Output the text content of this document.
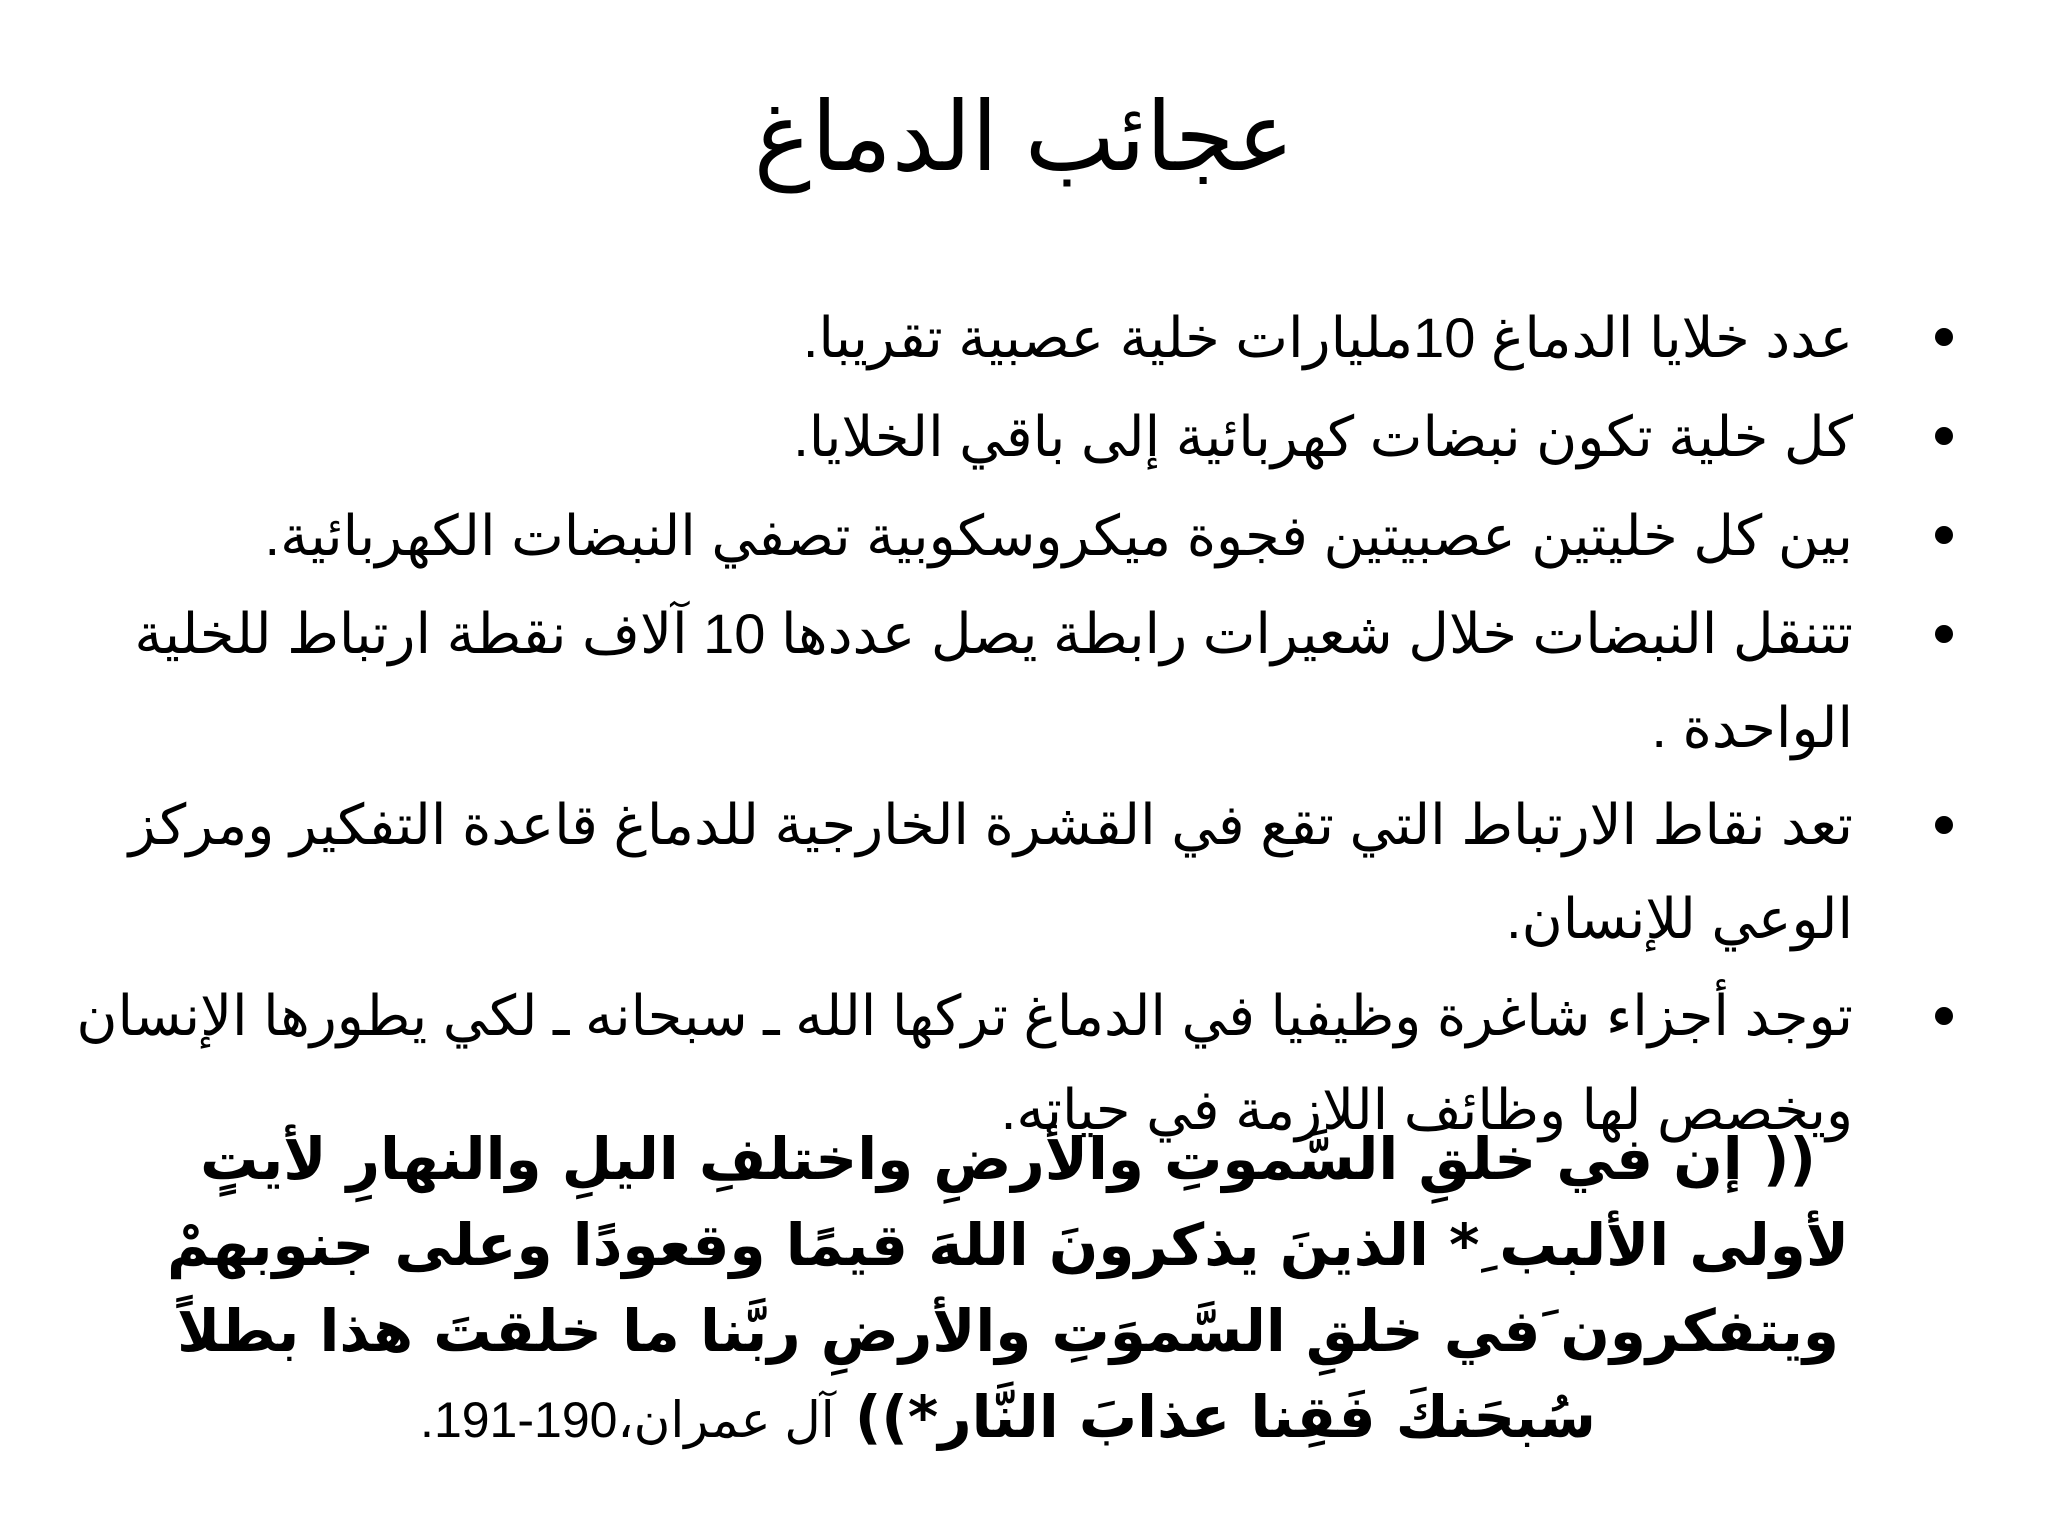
عجائب الدماغ
عدد خلايا الدماغ 10مليارات خلية عصبية تقريبا.
كل خلية تكون نبضات كهربائية إلى باقي الخلايا.
بين كل خليتين عصبيتين فجوة ميكروسكوبية تصفي النبضات الكهربائية.
تتنقل النبضات خلال شعيرات رابطة يصل عددها 10 آلاف نقطة ارتباط للخلية الواحدة .
تعد نقاط الارتباط التي تقع في القشرة الخارجية للدماغ قاعدة التفكير ومركز الوعي للإنسان.
توجد أجزاء شاغرة وظيفيا في الدماغ تركها الله ـ سبحانه ـ لكي يطورها الإنسان ويخصص لها وظائف اللازمة في حياته.
(( إن في خلقِ السَّموتِ والأرضِ واختلفِ اليلِ والنهارِ لأيتٍ لأولى الألبب ِ* الذينَ يذكرونَ اللهَ قيمًا وقعودًا وعلى جنوبهمْ ويتفكرون َفي خلقِ السَّموَتِ والأرضِ ربَّنا ما خلقتَ هذا بطلاً سُبحَنكَ فَقِنا عذابَ النَّار*)) آل عمران،190-191.
